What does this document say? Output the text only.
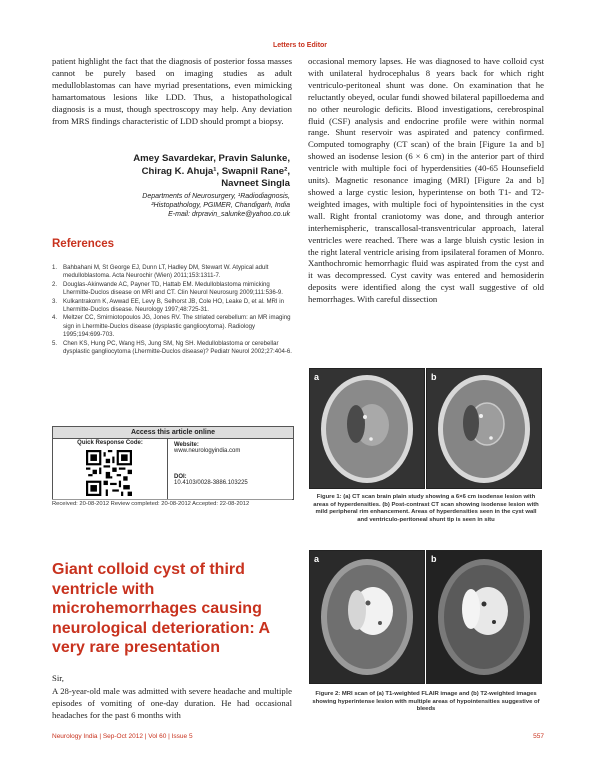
Letters to Editor

patient highlight the fact that the diagnosis of posterior fossa masses cannot be purely based on imaging studies as adult medulloblastomas can have myriad presentations, even mimicking hamartomatous lesions like LDD. Thus, a histopathological diagnosis is a must, though spectroscopy may help. Any deviation from MRS findings characteristic of LDD should prompt a biopsy.

Amey Savardekar, Pravin Salunke,
Chirag K. Ahuja¹, Swapnil Rane²,
Navneet Singla
Departments of Neurosurgery, ¹Radiodiagnosis,
²Histopathology, PGIMER, Chandigarh, India
E-mail: drpravin_salunke@yahoo.co.uk
References
1. Bahbahani M, St George EJ, Dunn LT, Hadley DM, Stewart W. Atypical adult medulloblastoma. Acta Neurochir (Wien) 2011;153:1311-7.
2. Douglas-Akinwande AC, Payner TD, Hattab EM. Medulloblastoma mimicking Lhermitte-Duclos disease on MRI and CT. Clin Neurol Neurosurg 2009;111:536-9.
3. Kulkantrakorn K, Awwad EE, Levy B, Selhorst JB, Cole HO, Leake D, et al. MRI in Lhermitte-Duclos disease. Neurology 1997;48:725-31.
4. Meltzer CC, Smirniotopoulos JG, Jones RV. The striated cerebellum: an MR imaging sign in Lhermitte-Duclos disease (dysplastic gangliocytoma). Radiology 1995;194:699-703.
5. Chen KS, Hung PC, Wang HS, Jung SM, Ng SH. Medulloblastoma or cerebellar dysplastic gangliocytoma (Lhermitte-Duclos disease)? Pediatr Neurol 2002;27:404-6.
Access this article online
Quick Response Code:	Website:
www.neurologyindia.com
DOI:
10.4103/0028-3886.103225
Received: 20-08-2012 Review completed: 20-08-2012 Accepted: 22-08-2012
Giant colloid cyst of third ventricle with microhemorrhages causing neurological deterioration: A very rare presentation
Sir,

A 28-year-old male was admitted with severe headache and multiple episodes of vomiting of one-day duration. He had occasional headaches for the past 6 months with

occasional memory lapses. He was diagnosed to have colloid cyst with unilateral hydrocephalus 8 years back for which right ventriculo-peritoneal shunt was done. On examination that he reluctantly obeyed, ocular fundi showed bilateral papilloedema and no other neurologic deficits. Blood investigations, cerebrospinal fluid (CSF) analysis and endocrine profile were within normal range. Shunt reservoir was aspirated and patency confirmed. Computed tomography (CT scan) of the brain [Figure 1a and b] showed an isodense lesion (6 × 6 cm) in the anterior part of third ventricle with multiple foci of hyperdensities (40-65 Hounsefield units). Magnetic resonance imaging (MRI) [Figure 2a and b] showed a large cystic lesion, hyperintense on both T1- and T2-weighted images, with multiple foci of hypointensities in the cyst wall. Right frontal craniotomy was done, and through anterior interhemispheric, transcallosal-transventricular approach, lateral ventricles were reached. There was a large bluish cystic lesion in the right lateral ventricle arising from ipsilateral foramen of Monro. Xanthochromic hemorrhagic fluid was aspirated from the cyst and it was decompressed. Cyst cavity was entered and hemosiderin deposits were identified along the cyst wall suggestive of old hemorrhages. With careful dissection

a	b
Figure 1: (a) CT scan brain plain study showing a 6×6 cm isodense lesion with areas of hyperdensities. (b) Post-contrast CT scan showing isodense lesion with mild peripheral rim enhancement. Areas of hyperdensities seen in the cyst wall and ventriculo-peritoneal shunt tip is seen in situ
a	b
Figure 2: MRI scan of (a) T1-weighted FLAIR image and (b) T2-weighted images showing hyperintense lesion with multiple areas of hypointensities suggestive of bleeds
Neurology India | Sep-Oct 2012 | Vol 60 | Issue 5	557
